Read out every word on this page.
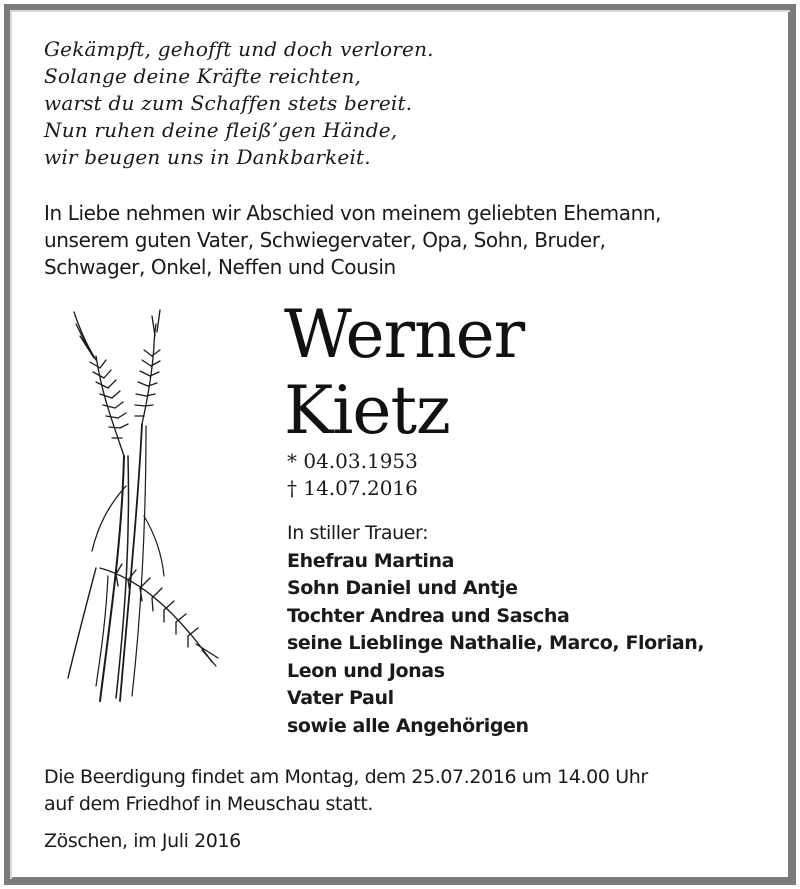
Gekämpft, gehofft und doch verloren.
Solange deine Kräfte reichten,
warst du zum Schaffen stets bereit.
Nun ruhen deine fleiß’gen Hände,
wir beugen uns in Dankbarkeit.
In Liebe nehmen wir Abschied von meinem geliebten Ehemann,
unserem guten Vater, Schwiegervater, Opa, Sohn, Bruder,
Schwager, Onkel, Neffen und Cousin
Werner
Kietz
* 04.03.1953
† 14.07.2016
In stiller Trauer:
Ehefrau Martina
Sohn Daniel und Antje
Tochter Andrea und Sascha
seine Lieblinge Nathalie, Marco, Florian,
Leon und Jonas
Vater Paul
sowie alle Angehörigen
Die Beerdigung findet am Montag, dem 25.07.2016 um 14.00 Uhr
auf dem Friedhof in Meuschau statt.
Zöschen, im Juli 2016
